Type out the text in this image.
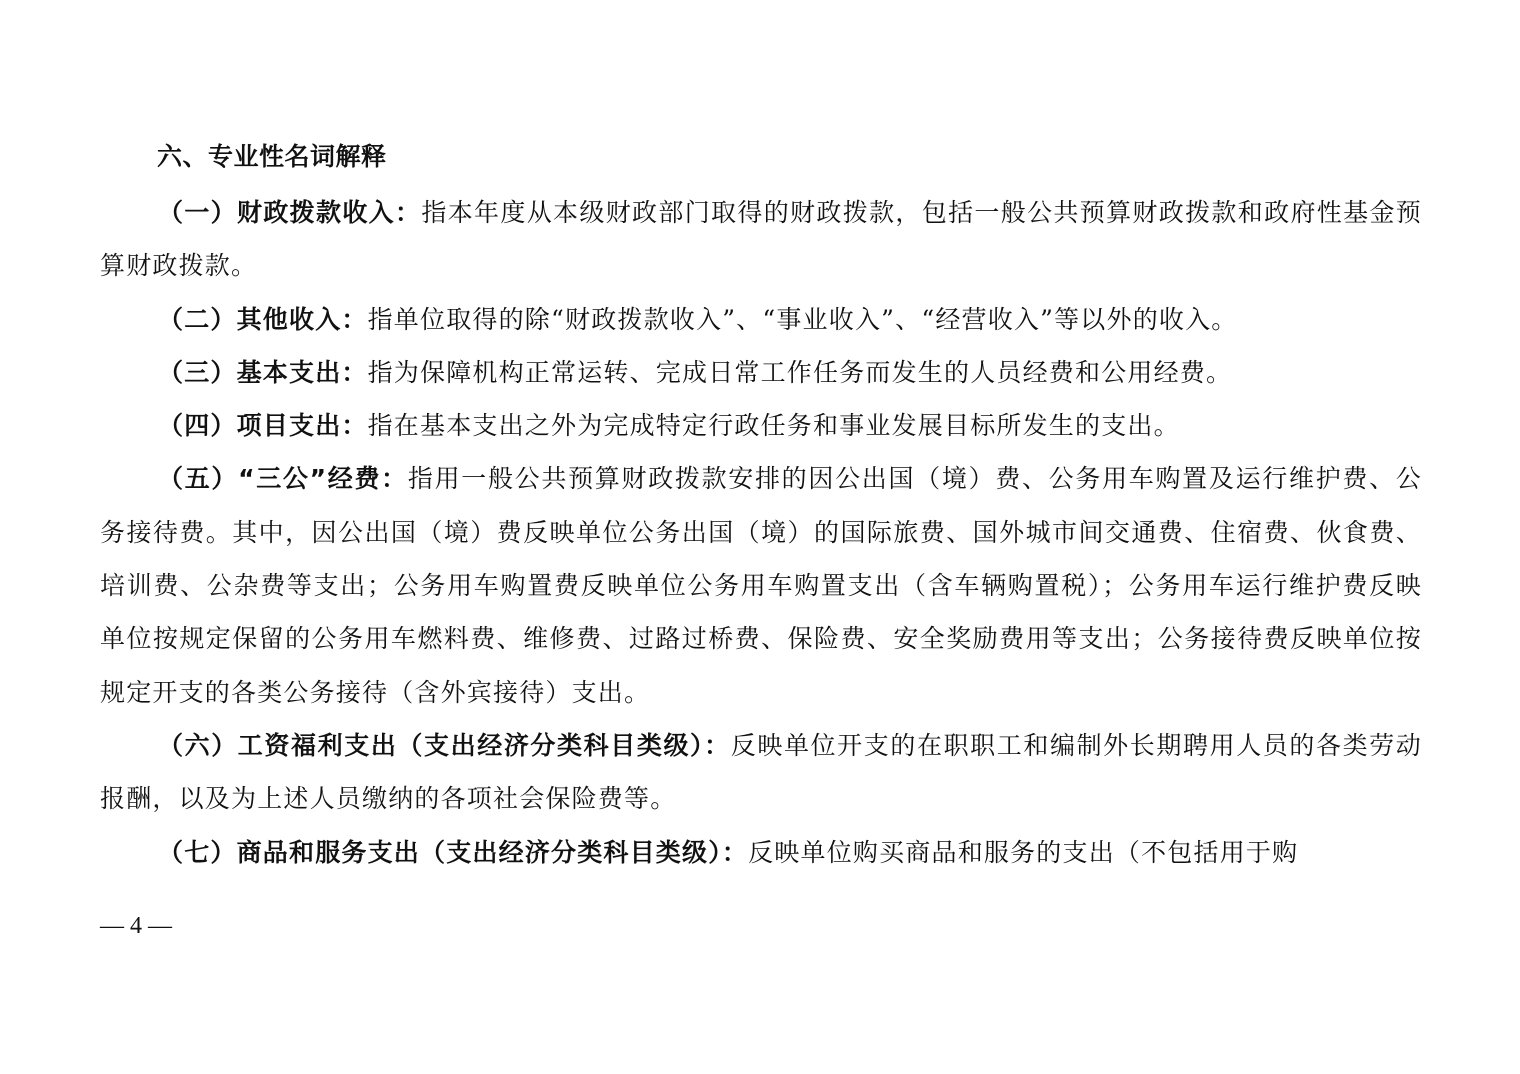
六、专业性名词解释

（一）财政拨款收入：指本年度从本级财政部门取得的财政拨款，包括一般公共预算财政拨款和政府性基金预算财政拨款。

（二）其他收入：指单位取得的除“财政拨款收入”、“事业收入”、“经营收入”等以外的收入。

（三）基本支出：指为保障机构正常运转、完成日常工作任务而发生的人员经费和公用经费。

（四）项目支出：指在基本支出之外为完成特定行政任务和事业发展目标所发生的支出。

（五）“三公”经费：指用一般公共预算财政拨款安排的因公出国（境）费、公务用车购置及运行维护费、公务接待费。其中，因公出国（境）费反映单位公务出国（境）的国际旅费、国外城市间交通费、住宿费、伙食费、培训费、公杂费等支出；公务用车购置费反映单位公务用车购置支出（含车辆购置税）；公务用车运行维护费反映单位按规定保留的公务用车燃料费、维修费、过路过桥费、保险费、安全奖励费用等支出；公务接待费反映单位按规定开支的各类公务接待（含外宾接待）支出。

（六）工资福利支出（支出经济分类科目类级）：反映单位开支的在职职工和编制外长期聘用人员的各类劳动报酬，以及为上述人员缴纳的各项社会保险费等。

（七）商品和服务支出（支出经济分类科目类级）：反映单位购买商品和服务的支出（不包括用于购

— 4 —
